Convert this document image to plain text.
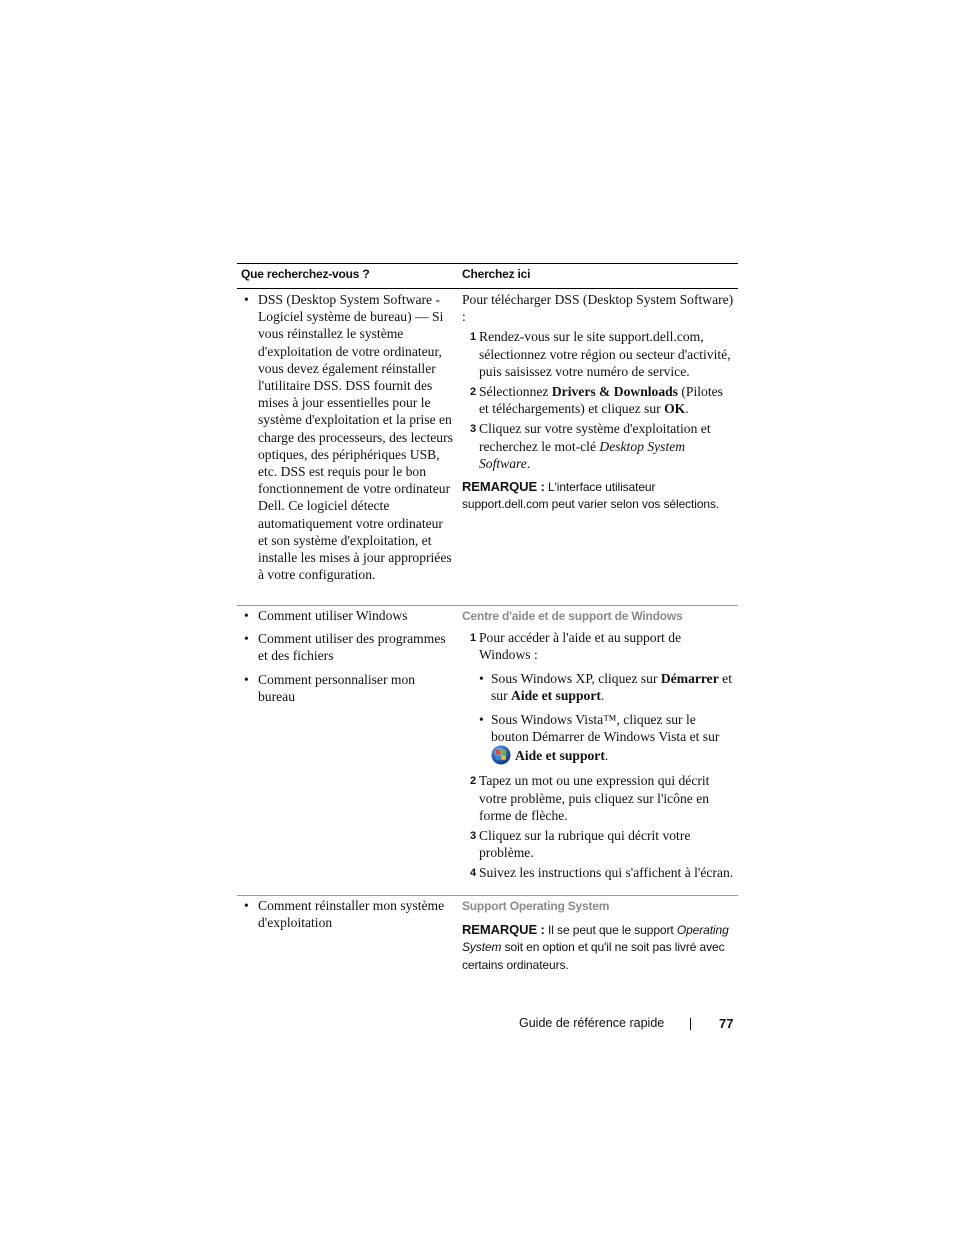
Que recherchez-vous ?	Cherchez ici
• DSS (Desktop System Software - Logiciel système de bureau) — Si vous réinstallez le système d'exploitation de votre ordinateur, vous devez également réinstaller l'utilitaire DSS. DSS fournit des mises à jour essentielles pour le système d'exploitation et la prise en charge des processeurs, des lecteurs optiques, des périphériques USB, etc. DSS est requis pour le bon fonctionnement de votre ordinateur Dell. Ce logiciel détecte automatiquement votre ordinateur et son système d'exploitation, et installe les mises à jour appropriées à votre configuration.

Pour télécharger DSS (Desktop System Software) :

1 Rendez-vous sur le site support.dell.com, sélectionnez votre région ou secteur d'activité, puis saisissez votre numéro de service.
2 Sélectionnez Drivers & Downloads (Pilotes et téléchargements) et cliquez sur OK.
3 Cliquez sur votre système d'exploitation et recherchez le mot-clé Desktop System Software.

REMARQUE : L'interface utilisateur support.dell.com peut varier selon vos sélections.

• Comment utiliser Windows
• Comment utiliser des programmes et des fichiers
• Comment personnaliser mon bureau
Centre d'aide et de support de Windows
1 Pour accéder à l'aide et au support de Windows :
• Sous Windows XP, cliquez sur Démarrer et sur Aide et support.
• Sous Windows Vista™, cliquez sur le bouton Démarrer de Windows Vista et sur Aide et support.
2 Tapez un mot ou une expression qui décrit votre problème, puis cliquez sur l'icône en forme de flèche.
3 Cliquez sur la rubrique qui décrit votre problème.
4 Suivez les instructions qui s'affichent à l'écran.
• Comment réinstaller mon système d'exploitation
Support Operating System

REMARQUE : Il se peut que le support Operating System soit en option et qu'il ne soit pas livré avec certains ordinateurs.

Guide de référence rapide	77
